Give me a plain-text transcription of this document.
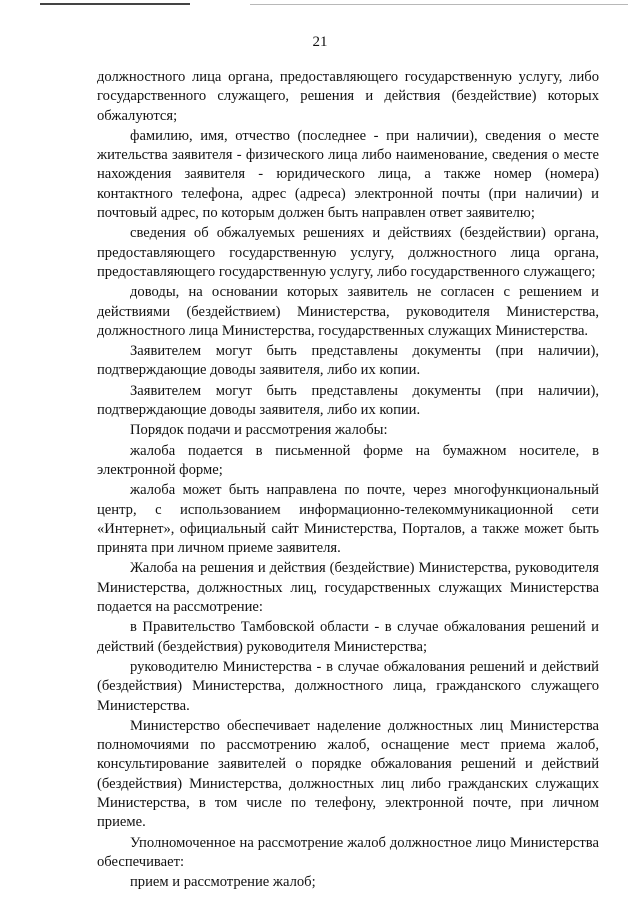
21

должностного лица органа, предоставляющего государственную услугу, либо государственного служащего, решения и действия (бездействие) которых обжалуются;

фамилию, имя, отчество (последнее - при наличии), сведения о месте жительства заявителя - физического лица либо наименование, сведения о месте нахождения заявителя - юридического лица, а также номер (номера) контактного телефона, адрес (адреса) электронной почты (при наличии) и почтовый адрес, по которым должен быть направлен ответ заявителю;

сведения об обжалуемых решениях и действиях (бездействии) органа, предоставляющего государственную услугу, должностного лица органа, предоставляющего государственную услугу, либо государственного служащего;

доводы, на основании которых заявитель не согласен с решением и действиями (бездействием) Министерства, руководителя Министерства, должностного лица Министерства, государственных служащих Министерства.

Заявителем могут быть представлены документы (при наличии), подтверждающие доводы заявителя, либо их копии.

Заявителем могут быть представлены документы (при наличии), подтверждающие доводы заявителя, либо их копии.

Порядок подачи и рассмотрения жалобы:

жалоба подается в письменной форме на бумажном носителе, в электронной форме;

жалоба может быть направлена по почте, через многофункциональный центр, с использованием информационно-телекоммуникационной сети «Интернет», официальный сайт Министерства, Порталов, а также может быть принята при личном приеме заявителя.

Жалоба на решения и действия (бездействие) Министерства, руководителя Министерства, должностных лиц, государственных служащих Министерства подается на рассмотрение:

в Правительство Тамбовской области - в случае обжалования решений и действий (бездействия) руководителя Министерства;

руководителю Министерства - в случае обжалования решений и действий (бездействия) Министерства, должностного лица, гражданского служащего Министерства.

Министерство обеспечивает наделение должностных лиц Министерства полномочиями по рассмотрению жалоб, оснащение мест приема жалоб, консультирование заявителей о порядке обжалования решений и действий (бездействия) Министерства, должностных лиц либо гражданских служащих Министерства, в том числе по телефону, электронной почте, при личном приеме.

Уполномоченное на рассмотрение жалоб должностное лицо Министерства обеспечивает:

прием и рассмотрение жалоб;
